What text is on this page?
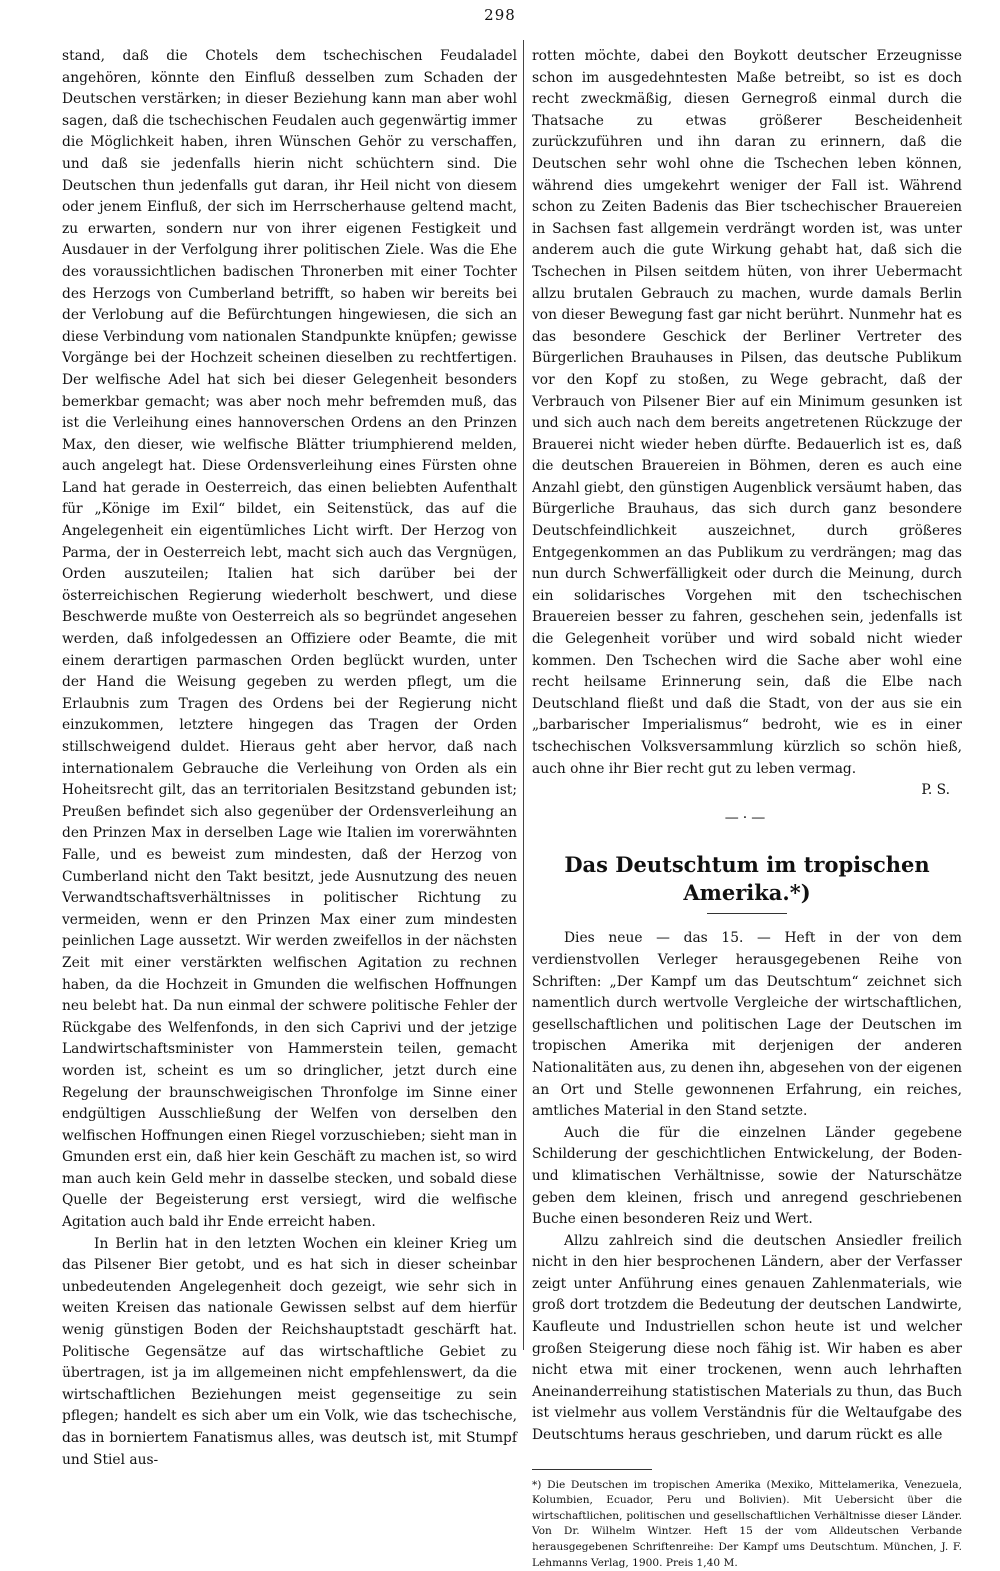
298

stand, daß die Chotels dem tschechischen Feudaladel angehören, könnte den Einfluß desselben zum Schaden der Deutschen verstärken; in dieser Beziehung kann man aber wohl sagen, daß die tschechischen Feudalen auch gegenwärtig immer die Möglichkeit haben, ihren Wünschen Gehör zu verschaffen, und daß sie jedenfalls hierin nicht schüchtern sind. Die Deutschen thun jedenfalls gut daran, ihr Heil nicht von diesem oder jenem Einfluß, der sich im Herrscherhause geltend macht, zu erwarten, sondern nur von ihrer eigenen Festigkeit und Ausdauer in der Verfolgung ihrer politischen Ziele. Was die Ehe des voraussichtlichen badischen Thronerben mit einer Tochter des Herzogs von Cumberland betrifft, so haben wir bereits bei der Verlobung auf die Befürchtungen hingewiesen, die sich an diese Verbindung vom nationalen Standpunkte knüpfen; gewisse Vorgänge bei der Hochzeit scheinen dieselben zu rechtfertigen. Der welfische Adel hat sich bei dieser Gelegenheit besonders bemerkbar gemacht; was aber noch mehr befremden muß, das ist die Verleihung eines hannoverschen Ordens an den Prinzen Max, den dieser, wie welfische Blätter triumphierend melden, auch angelegt hat. Diese Ordensverleihung eines Fürsten ohne Land hat gerade in Oesterreich, das einen beliebten Aufenthalt für „Könige im Exil“ bildet, ein Seitenstück, das auf die Angelegenheit ein eigentümliches Licht wirft. Der Herzog von Parma, der in Oesterreich lebt, macht sich auch das Vergnügen, Orden auszuteilen; Italien hat sich darüber bei der österreichischen Regierung wiederholt beschwert, und diese Beschwerde mußte von Oesterreich als so begründet angesehen werden, daß infolgedessen an Offiziere oder Beamte, die mit einem derartigen parmaschen Orden beglückt wurden, unter der Hand die Weisung gegeben zu werden pflegt, um die Erlaubnis zum Tragen des Ordens bei der Regierung nicht einzukommen, letztere hingegen das Tragen der Orden stillschweigend duldet. Hieraus geht aber hervor, daß nach internationalem Gebrauche die Verleihung von Orden als ein Hoheitsrecht gilt, das an territorialen Besitzstand gebunden ist; Preußen befindet sich also gegenüber der Ordensverleihung an den Prinzen Max in derselben Lage wie Italien im vorerwähnten Falle, und es beweist zum mindesten, daß der Herzog von Cumberland nicht den Takt besitzt, jede Ausnutzung des neuen Verwandtschaftsverhältnisses in politischer Richtung zu vermeiden, wenn er den Prinzen Max einer zum mindesten peinlichen Lage aussetzt. Wir werden zweifellos in der nächsten Zeit mit einer verstärkten welfischen Agitation zu rechnen haben, da die Hochzeit in Gmunden die welfischen Hoffnungen neu belebt hat. Da nun einmal der schwere politische Fehler der Rückgabe des Welfenfonds, in den sich Caprivi und der jetzige Landwirtschaftsminister von Hammerstein teilen, gemacht worden ist, scheint es um so dringlicher, jetzt durch eine Regelung der braunschweigischen Thronfolge im Sinne einer endgültigen Ausschließung der Welfen von derselben den welfischen Hoffnungen einen Riegel vorzuschieben; sieht man in Gmunden erst ein, daß hier kein Geschäft zu machen ist, so wird man auch kein Geld mehr in dasselbe stecken, und sobald diese Quelle der Begeisterung erst versiegt, wird die welfische Agitation auch bald ihr Ende erreicht haben.

In Berlin hat in den letzten Wochen ein kleiner Krieg um das Pilsener Bier getobt, und es hat sich in dieser scheinbar unbedeutenden Angelegenheit doch gezeigt, wie sehr sich in weiten Kreisen das nationale Gewissen selbst auf dem hierfür wenig günstigen Boden der Reichshauptstadt geschärft hat. Politische Gegensätze auf das wirtschaftliche Gebiet zu übertragen, ist ja im allgemeinen nicht empfehlenswert, da die wirtschaftlichen Beziehungen meist gegenseitige zu sein pflegen; handelt es sich aber um ein Volk, wie das tschechische, das in borniertem Fanatismus alles, was deutsch ist, mit Stumpf und Stiel aus-

rotten möchte, dabei den Boykott deutscher Erzeugnisse schon im ausgedehntesten Maße betreibt, so ist es doch recht zweckmäßig, diesen Gernegroß einmal durch die Thatsache zu etwas größerer Bescheidenheit zurückzuführen und ihn daran zu erinnern, daß die Deutschen sehr wohl ohne die Tschechen leben können, während dies umgekehrt weniger der Fall ist. Während schon zu Zeiten Badenis das Bier tschechischer Brauereien in Sachsen fast allgemein verdrängt worden ist, was unter anderem auch die gute Wirkung gehabt hat, daß sich die Tschechen in Pilsen seitdem hüten, von ihrer Uebermacht allzu brutalen Gebrauch zu machen, wurde damals Berlin von dieser Bewegung fast gar nicht berührt. Nunmehr hat es das besondere Geschick der Berliner Vertreter des Bürgerlichen Brauhauses in Pilsen, das deutsche Publikum vor den Kopf zu stoßen, zu Wege gebracht, daß der Verbrauch von Pilsener Bier auf ein Minimum gesunken ist und sich auch nach dem bereits angetretenen Rückzuge der Brauerei nicht wieder heben dürfte. Bedauerlich ist es, daß die deutschen Brauereien in Böhmen, deren es auch eine Anzahl giebt, den günstigen Augenblick versäumt haben, das Bürgerliche Brauhaus, das sich durch ganz besondere Deutschfeindlichkeit auszeichnet, durch größeres Entgegenkommen an das Publikum zu verdrängen; mag das nun durch Schwerfälligkeit oder durch die Meinung, durch ein solidarisches Vorgehen mit den tschechischen Brauereien besser zu fahren, geschehen sein, jedenfalls ist die Gelegenheit vorüber und wird sobald nicht wieder kommen. Den Tschechen wird die Sache aber wohl eine recht heilsame Erinnerung sein, daß die Elbe nach Deutschland fließt und daß die Stadt, von der aus sie ein „barbarischer Imperialismus“ bedroht, wie es in einer tschechischen Volksversammlung kürzlich so schön hieß, auch ohne ihr Bier recht gut zu leben vermag.

P. S.

—·—
Das Deutschtum im tropischen Amerika.*)

Dies neue — das 15. — Heft in der von dem verdienstvollen Verleger herausgegebenen Reihe von Schriften: „Der Kampf um das Deutschtum“ zeichnet sich namentlich durch wertvolle Vergleiche der wirtschaftlichen, gesellschaftlichen und politischen Lage der Deutschen im tropischen Amerika mit derjenigen der anderen Nationalitäten aus, zu denen ihn, abgesehen von der eigenen an Ort und Stelle gewonnenen Erfahrung, ein reiches, amtliches Material in den Stand setzte.

Auch die für die einzelnen Länder gegebene Schilderung der geschichtlichen Entwickelung, der Boden- und klimatischen Verhältnisse, sowie der Naturschätze geben dem kleinen, frisch und anregend geschriebenen Buche einen besonderen Reiz und Wert.

Allzu zahlreich sind die deutschen Ansiedler freilich nicht in den hier besprochenen Ländern, aber der Verfasser zeigt unter Anführung eines genauen Zahlenmaterials, wie groß dort trotzdem die Bedeutung der deutschen Landwirte, Kaufleute und Industriellen schon heute ist und welcher großen Steigerung diese noch fähig ist. Wir haben es aber nicht etwa mit einer trockenen, wenn auch lehrhaften Aneinanderreihung statistischen Materials zu thun, das Buch ist vielmehr aus vollem Verständnis für die Weltaufgabe des Deutschtums heraus geschrieben, und darum rückt es alle

*) Die Deutschen im tropischen Amerika (Mexiko, Mittelamerika, Venezuela, Kolumbien, Ecuador, Peru und Bolivien). Mit Uebersicht über die wirtschaftlichen, politischen und gesellschaftlichen Verhältnisse dieser Länder. Von Dr. Wilhelm Wintzer. Heft 15 der vom Alldeutschen Verbande herausgegebenen Schriftenreihe: Der Kampf ums Deutschtum. München, J. F. Lehmanns Verlag, 1900. Preis 1,40 M.
